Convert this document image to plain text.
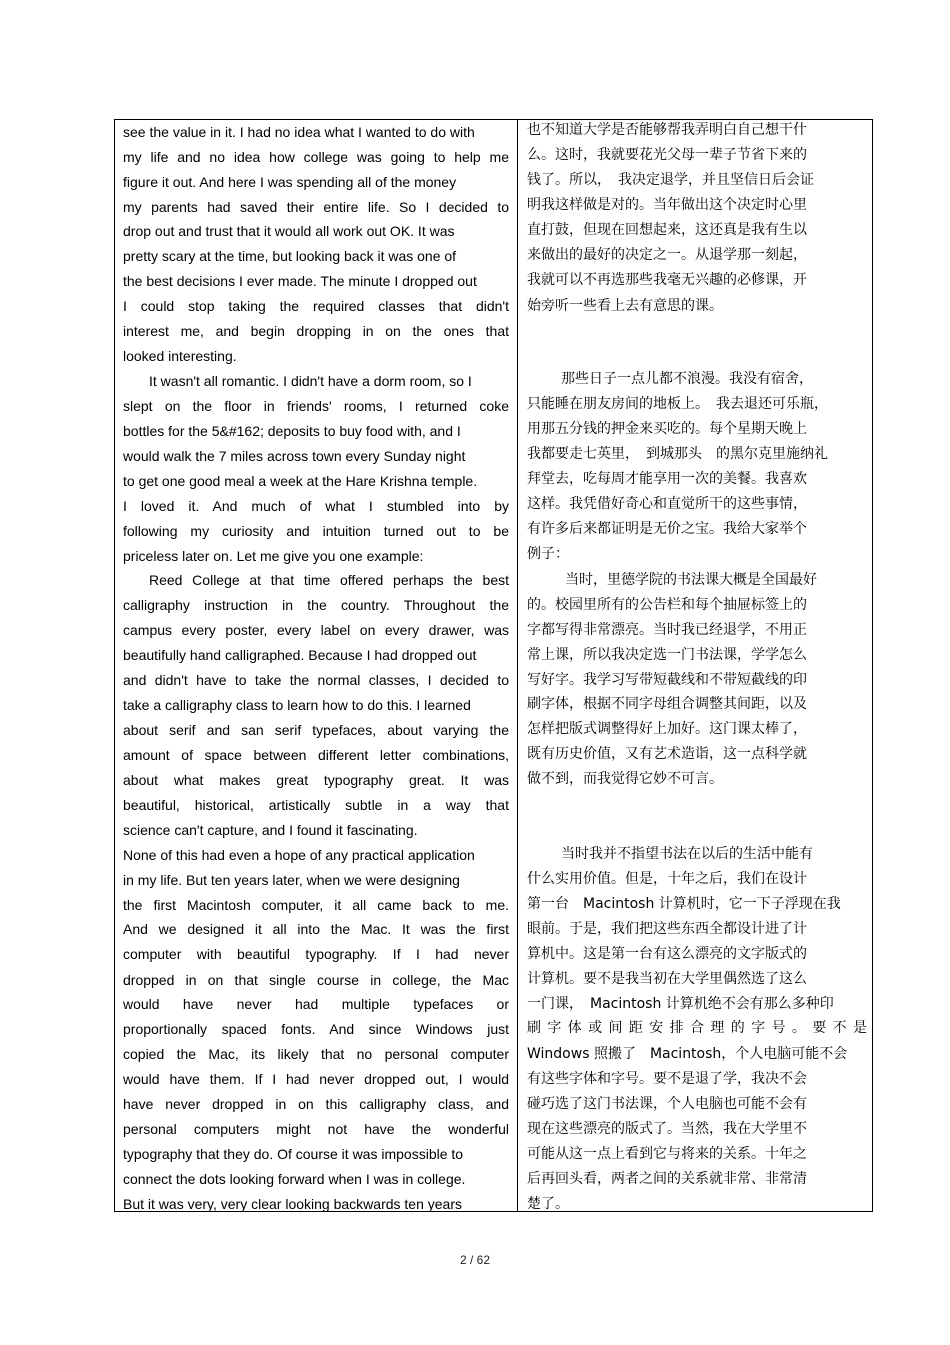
see the value in it. I had no idea what I wanted to do with
my life and no idea how college was going to help me
figure it out. And here I was spending all of the money
my parents had saved their entire life. So I decided to
drop out and trust that it would all work out OK. It was
pretty scary at the time, but looking back it was one of
the best decisions I ever made. The minute I dropped out
I could stop taking the required classes that didn't
interest me, and begin dropping in on the ones that
looked interesting.
It wasn't all romantic. I didn't have a dorm room, so I
slept on the floor in friends' rooms, I returned coke
bottles for the 5&#162; deposits to buy food with, and I
would walk the 7 miles across town every Sunday night
to get one good meal a week at the Hare Krishna temple.
I loved it. And much of what I stumbled into by
following my curiosity and intuition turned out to be
priceless later on. Let me give you one example:
Reed College at that time offered perhaps the best
calligraphy instruction in the country. Throughout the
campus every poster, every label on every drawer, was
beautifully hand calligraphed. Because I had dropped out
and didn't have to take the normal classes, I decided to
take a calligraphy class to learn how to do this. I learned
about serif and san serif typefaces, about varying the
amount of space between different letter combinations,
about what makes great typography great. It was
beautiful, historical, artistically subtle in a way that
science can't capture, and I found it fascinating.
None of this had even a hope of any practical application
in my life. But ten years later, when we were designing
the first Macintosh computer, it all came back to me.
And we designed it all into the Mac. It was the first
computer with beautiful typography. If I had never
dropped in on that single course in college, the Mac
would have never had multiple typefaces or
proportionally spaced fonts. And since Windows just
copied the Mac, its likely that no personal computer
would have them. If I had never dropped out, I would
have never dropped in on this calligraphy class, and
personal computers might not have the wonderful
typography that they do. Of course it was impossible to
connect the dots looking forward when I was in college.
But it was very, very clear looking backwards ten years
也不知道大学是否能够帮我弄明白自己想干什
么。这时，我就要花光父母一辈子节省下来的
钱了。所以，　我决定退学，并且坚信日后会证
明我这样做是对的。当年做出这个决定时心里
直打鼓，但现在回想起来，这还真是我有生以
来做出的最好的决定之一。从退学那一刻起，
我就可以不再选那些我毫无兴趣的必修课，开
始旁听一些看上去有意思的课。
那些日子一点儿都不浪漫。我没有宿舍，
只能睡在朋友房间的地板上。　我去退还可乐瓶，
用那五分钱的押金来买吃的。每个星期天晚上
我都要走七英里，　到城那头　的黑尔克里施纳礼
拜堂去，吃每周才能享用一次的美餐。我喜欢
这样。我凭借好奇心和直觉所干的这些事情，
有许多后来都证明是无价之宝。我给大家举个
例子：
当时，里德学院的书法课大概是全国最好
的。校园里所有的公告栏和每个抽屉标签上的
字都写得非常漂亮。当时我已经退学，不用正
常上课，所以我决定选一门书法课，学学怎么
写好字。我学习写带短截线和不带短截线的印
刷字体，根据不同字母组合调整其间距，以及
怎样把版式调整得好上加好。这门课太棒了，
既有历史价值，又有艺术造诣，这一点科学就
做不到，而我觉得它妙不可言。
当时我并不指望书法在以后的生活中能有
什么实用价值。但是，十年之后，我们在设计
第一台　Macintosh 计算机时，它一下子浮现在我
眼前。于是，我们把这些东西全都设计进了计
算机中。这是第一台有这么漂亮的文字版式的
计算机。要不是我当初在大学里偶然选了这么
一门课，　Macintosh 计算机绝不会有那么多种印
刷字体或间距安排合理的字号。要不是
Windows 照搬了　Macintosh，个人电脑可能不会
有这些字体和字号。要不是退了学，我决不会
碰巧选了这门书法课，个人电脑也可能不会有
现在这些漂亮的版式了。当然，我在大学里不
可能从这一点上看到它与将来的关系。十年之
后再回头看，两者之间的关系就非常、非常清
楚了。
2 / 62
